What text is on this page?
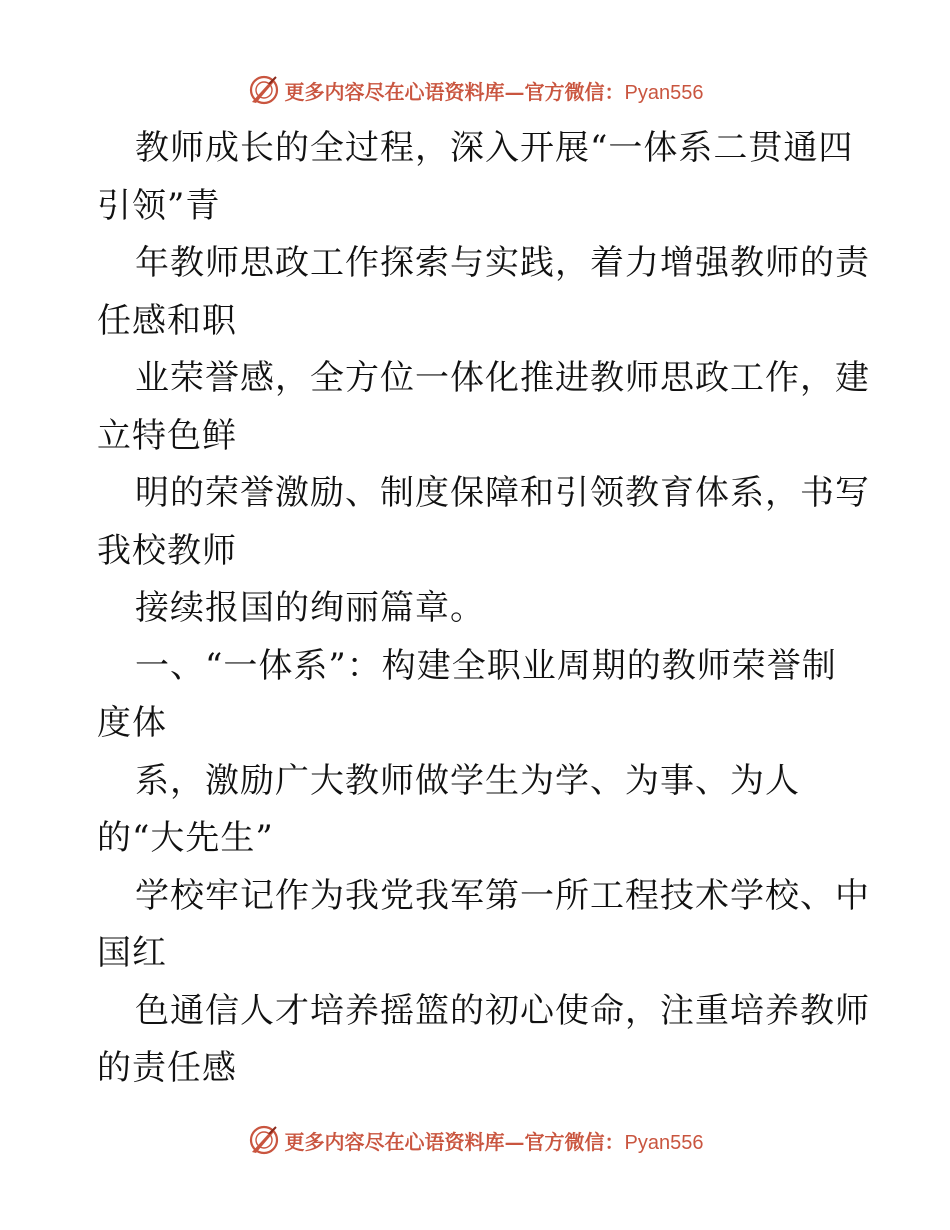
更多内容尽在心语资料库—官方微信：Pyan556
教师成长的全过程，深入开展“一体系二贯通四
引领”青
年教师思政工作探索与实践，着力增强教师的责
任感和职
业荣誉感，全方位一体化推进教师思政工作，建
立特色鲜
明的荣誉激励、制度保障和引领教育体系，书写
我校教师
接续报国的绚丽篇章。
一、“一体系”：构建全职业周期的教师荣誉制
度体
系，激励广大教师做学生为学、为事、为人
的“大先生”
学校牢记作为我党我军第一所工程技术学校、中
国红
色通信人才培养摇篮的初心使命，注重培养教师
的责任感
更多内容尽在心语资料库—官方微信：Pyan556
